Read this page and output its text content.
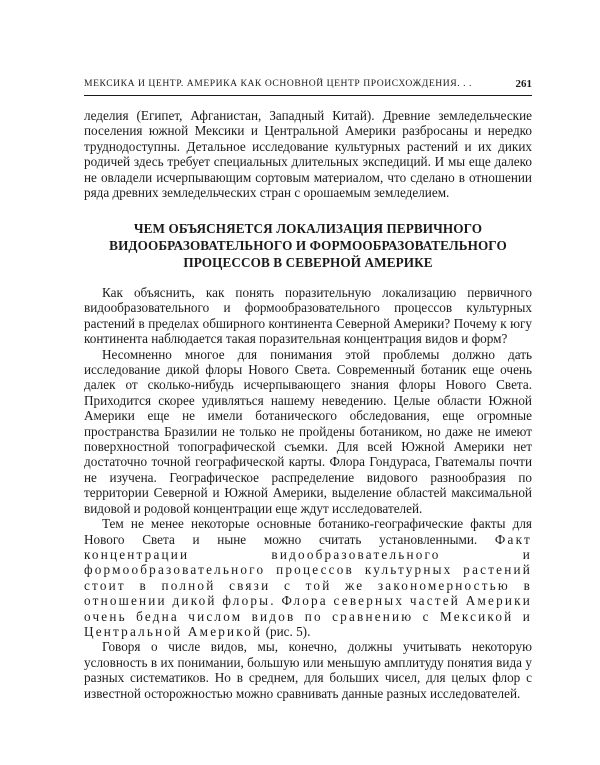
МЕКСИКА И ЦЕНТР. АМЕРИКА КАК ОСНОВНОЙ ЦЕНТР ПРОИСХОЖДЕНИЯ. . .	261

леделия (Египет, Афганистан, Западный Китай). Древние земледельческие поселения южной Мексики и Центральной Америки разбросаны и нередко труднодоступны. Детальное исследование культурных растений и их диких родичей здесь требует специальных длительных экспедиций. И мы еще далеко не овладели исчерпывающим сортовым материалом, что сделано в отношении ряда древних земледельческих стран с орошаемым земледелием.

ЧЕМ ОБЪЯСНЯЕТСЯ ЛОКАЛИЗАЦИЯ ПЕРВИЧНОГО
ВИДООБРАЗОВАТЕЛЬНОГО И ФОРМООБРАЗОВАТЕЛЬНОГО
ПРОЦЕССОВ В СЕВЕРНОЙ АМЕРИКЕ

Как объяснить, как понять поразительную локализацию первичного видообразовательного и формообразовательного процессов культурных растений в пределах обширного континента Северной Америки? Почему к югу континента наблюдается такая поразительная концентрация видов и форм?

Несомненно многое для понимания этой проблемы должно дать исследование дикой флоры Нового Света. Современный ботаник еще очень далек от сколько-нибудь исчерпывающего знания флоры Нового Света. Приходится скорее удивляться нашему неведению. Целые области Южной Америки еще не имели ботанического обследования, еще огромные пространства Бразилии не только не пройдены ботаником, но даже не имеют поверхностной топографической съемки. Для всей Южной Америки нет достаточно точной географической карты. Флора Гондураса, Гватемалы почти не изучена. Географическое распределение видового разнообразия по территории Северной и Южной Америки, выделение областей максимальной видовой и родовой концентрации еще ждут исследователей.

Тем не менее некоторые основные ботанико-географические факты для Нового Света и ныне можно считать установленными. Факт концентрации видообразовательного и формообразовательного процессов культурных растений стоит в полной связи с той же закономерностью в отношении дикой флоры. Флора северных частей Америки очень бедна числом видов по сравнению с Мексикой и Центральной Америкой (рис. 5).

Говоря о числе видов, мы, конечно, должны учитывать некоторую условность в их понимании, большую или меньшую амплитуду понятия вида у разных систематиков. Но в среднем, для больших чисел, для целых флор с известной осторожностью можно сравнивать данные разных исследователей.
